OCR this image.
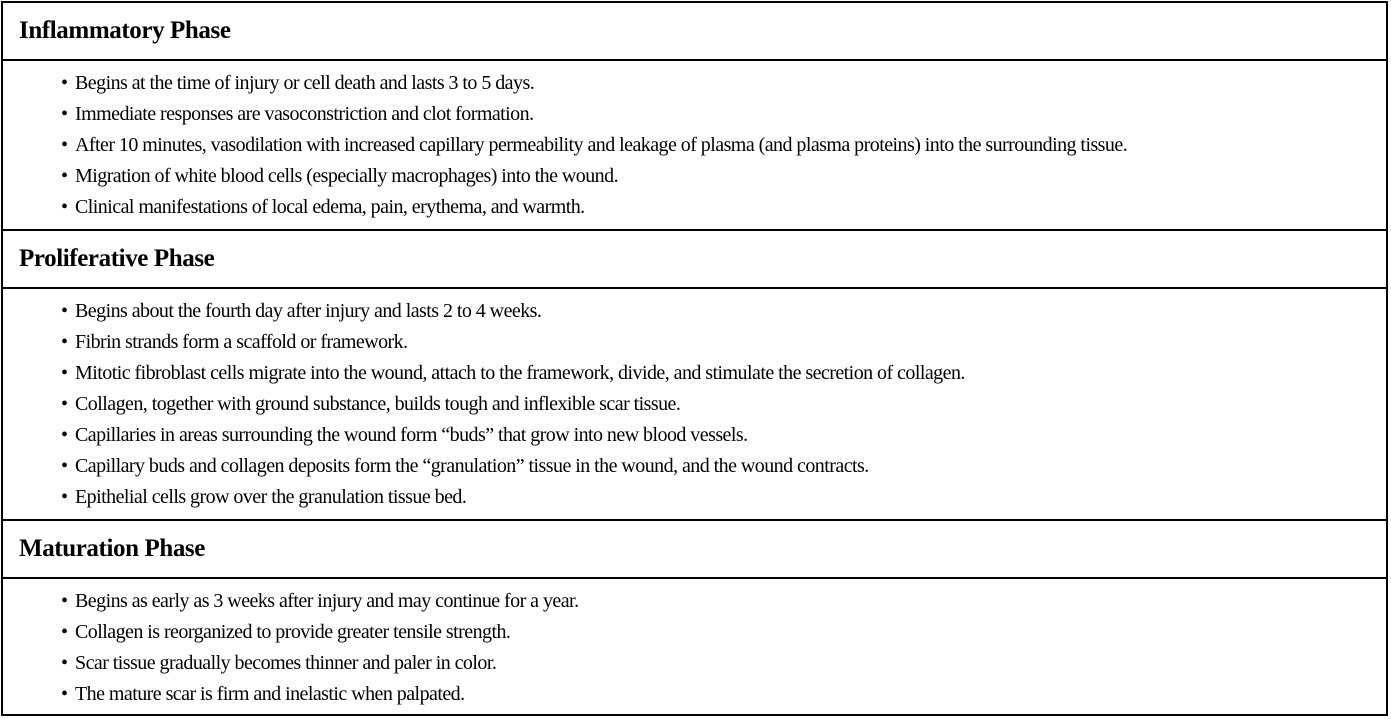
Inflammatory Phase
• Begins at the time of injury or cell death and lasts 3 to 5 days.
• Immediate responses are vasoconstriction and clot formation.
• After 10 minutes, vasodilation with increased capillary permeability and leakage of plasma (and plasma proteins) into the surrounding tissue.
• Migration of white blood cells (especially macrophages) into the wound.
• Clinical manifestations of local edema, pain, erythema, and warmth.
Proliferative Phase
• Begins about the fourth day after injury and lasts 2 to 4 weeks.
• Fibrin strands form a scaffold or framework.
• Mitotic fibroblast cells migrate into the wound, attach to the framework, divide, and stimulate the secretion of collagen.
• Collagen, together with ground substance, builds tough and inflexible scar tissue.
• Capillaries in areas surrounding the wound form “buds” that grow into new blood vessels.
• Capillary buds and collagen deposits form the “granulation” tissue in the wound, and the wound contracts.
• Epithelial cells grow over the granulation tissue bed.
Maturation Phase
• Begins as early as 3 weeks after injury and may continue for a year.
• Collagen is reorganized to provide greater tensile strength.
• Scar tissue gradually becomes thinner and paler in color.
• The mature scar is firm and inelastic when palpated.
